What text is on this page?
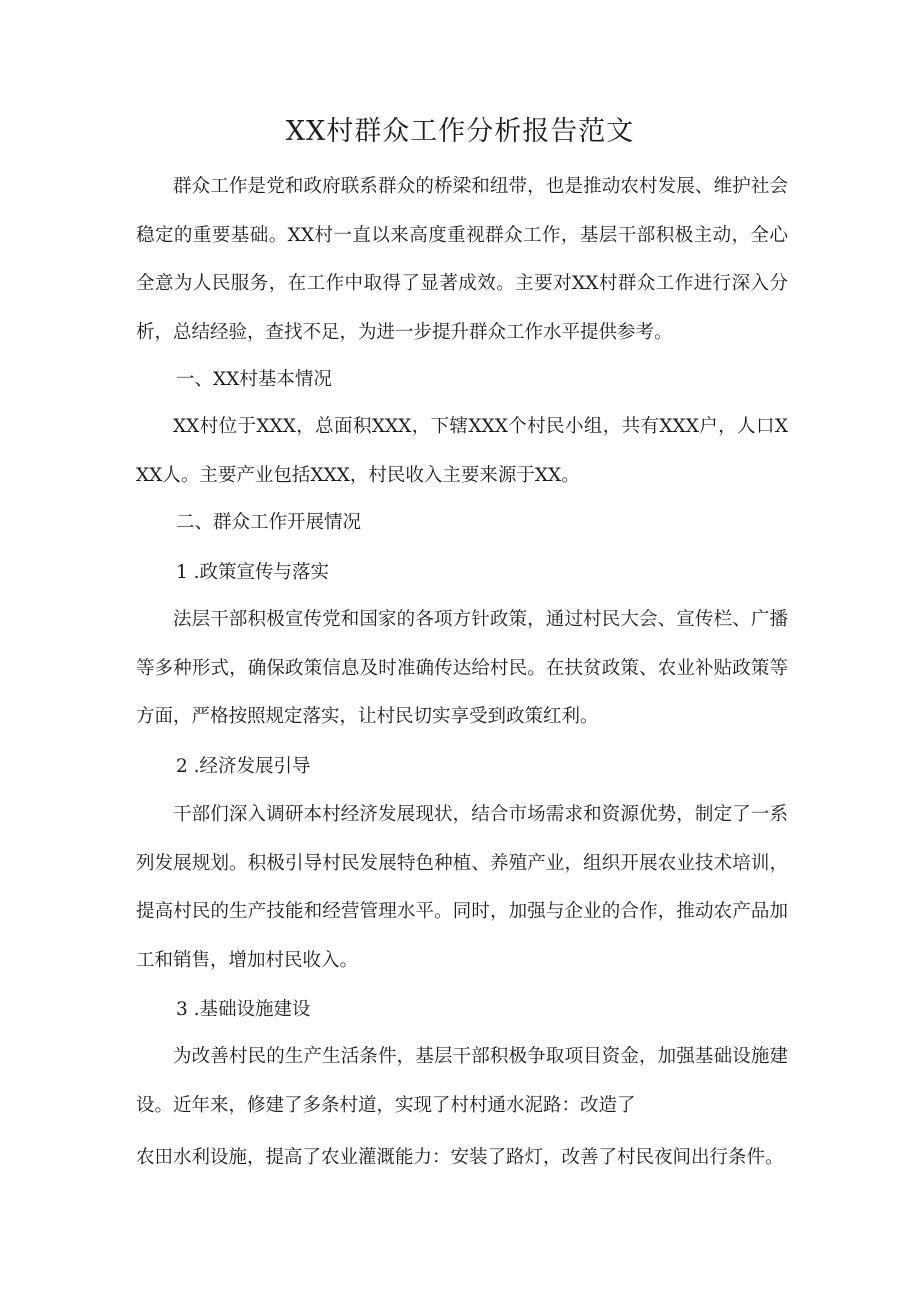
XX村群众工作分析报告范文

群众工作是党和政府联系群众的桥梁和纽带，也是推动农村发展、维护社会稳定的重要基础。XX村一直以来高度重视群众工作，基层干部积极主动，全心全意为人民服务，在工作中取得了显著成效。主要对XX村群众工作进行深入分析，总结经验，查找不足，为进一步提升群众工作水平提供参考。

一、XX村基本情况

XX村位于XXX，总面积XXX，下辖XXX个村民小组，共有XXX户，人口XXX人。主要产业包括XXX，村民收入主要来源于XX。

二、群众工作开展情况

1 .政策宣传与落实

法层干部积极宣传党和国家的各项方针政策，通过村民大会、宣传栏、广播等多种形式，确保政策信息及时准确传达给村民。在扶贫政策、农业补贴政策等方面，严格按照规定落实，让村民切实享受到政策红利。

2 .经济发展引导

干部们深入调研本村经济发展现状，结合市场需求和资源优势，制定了一系列发展规划。积极引导村民发展特色种植、养殖产业，组织开展农业技术培训，提高村民的生产技能和经营管理水平。同时，加强与企业的合作，推动农产品加工和销售，增加村民收入。

3 .基础设施建设

为改善村民的生产生活条件，基层干部积极争取项目资金，加强基础设施建设。近年来，修建了多条村道，实现了村村通水泥路：改造了

农田水利设施，提高了农业灌溉能力：安装了路灯，改善了村民夜间出行条件。
